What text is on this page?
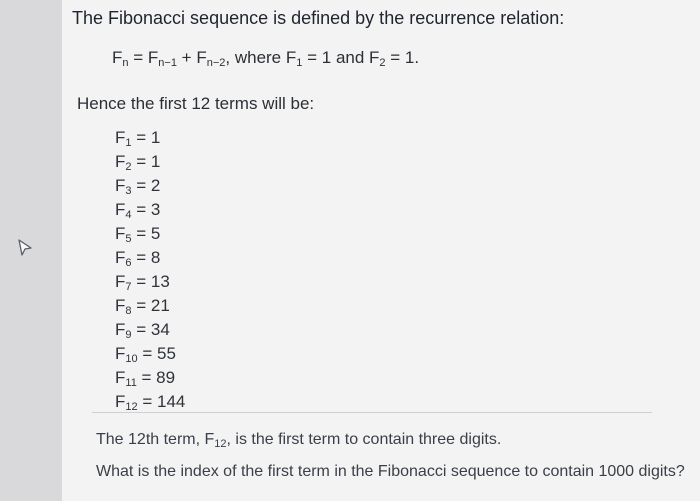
The Fibonacci sequence is defined by the recurrence relation:
$F_n = F_{n-1} + F_{n-2}$, where $F_1 = 1$ and $F_2 = 1$.
Hence the first 12 terms will be:
$F_1 = 1$
$F_2 = 1$
$F_3 = 2$
$F_4 = 3$
$F_5 = 5$
$F_6 = 8$
$F_7 = 13$
$F_8 = 21$
$F_9 = 34$
$F_{10} = 55$
$F_{11} = 89$
$F_{12} = 144$
The 12th term, $F_{12}$, is the first term to contain three digits.
What is the index of the first term in the Fibonacci sequence to contain 1000 digits?
